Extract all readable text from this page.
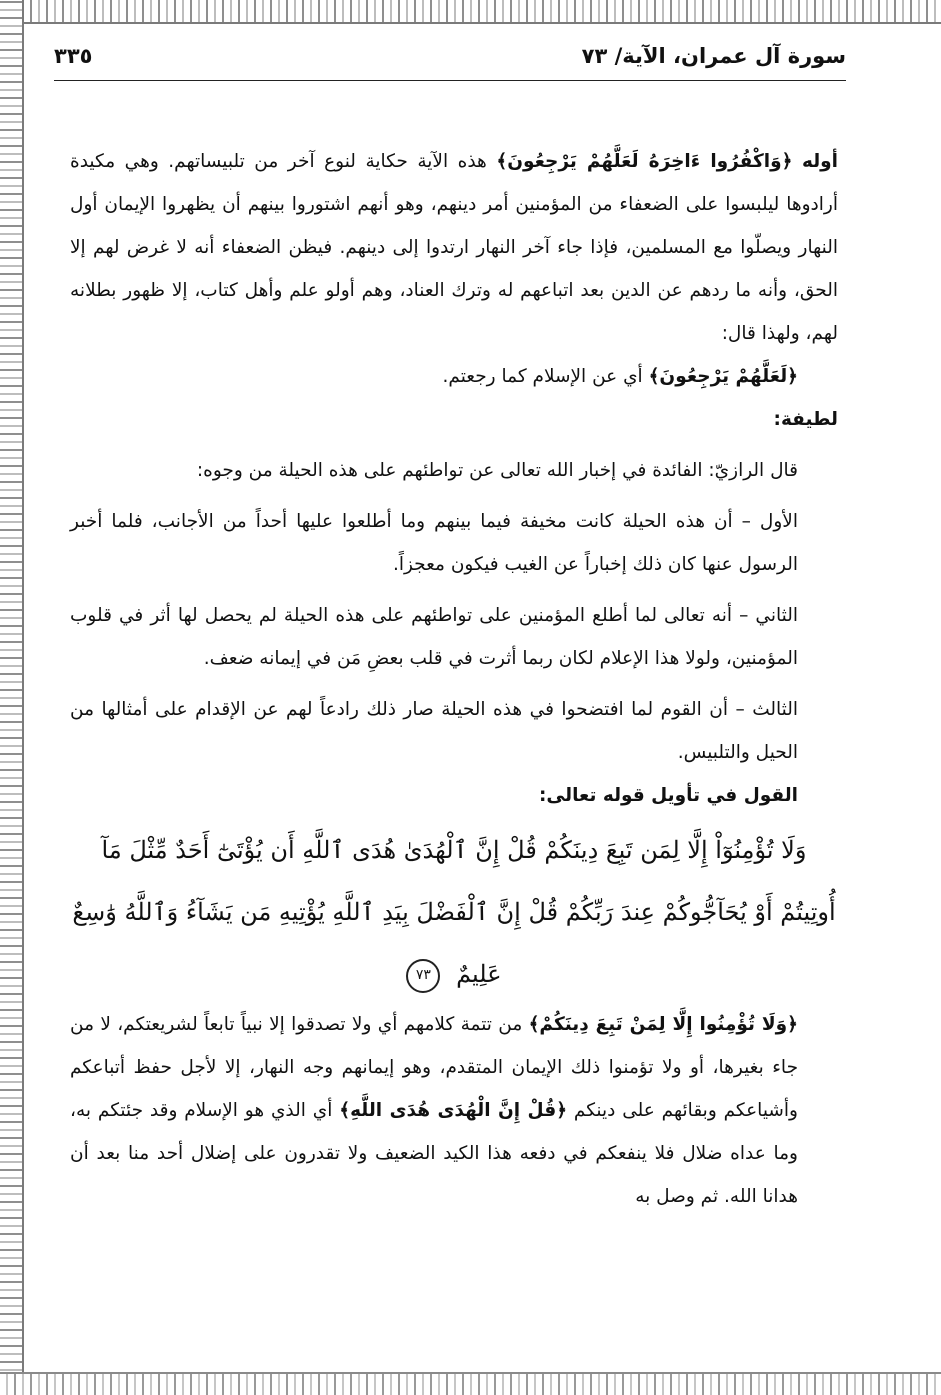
سورة آل عمران، الآية/ ٧٣
٣٣٥

أوله ﴿وَاكْفُرُوا ءَاخِرَهُ لَعَلَّهُمْ يَرْجِعُونَ﴾ هذه الآية حكاية لنوع آخر من تلبيساتهم. وهي مكيدة أرادوها ليلبسوا على الضعفاء من المؤمنين أمر دينهم، وهو أنهم اشتوروا بينهم أن يظهروا الإيمان أول النهار ويصلّوا مع المسلمين، فإذا جاء آخر النهار ارتدوا إلى دينهم. فيظن الضعفاء أنه لا غرض لهم إلا الحق، وأنه ما ردهم عن الدين بعد اتباعهم له وترك العناد، وهم أولو علم وأهل كتاب، إلا ظهور بطلانه لهم، ولهذا قال:

﴿لَعَلَّهُمْ يَرْجِعُونَ﴾ أي عن الإسلام كما رجعتم.

لطيفة:

قال الرازيّ: الفائدة في إخبار الله تعالى عن تواطئهم على هذه الحيلة من وجوه:

الأول – أن هذه الحيلة كانت مخيفة فيما بينهم وما أطلعوا عليها أحداً من الأجانب، فلما أخبر الرسول عنها كان ذلك إخباراً عن الغيب فيكون معجزاً.

الثاني – أنه تعالى لما أطلع المؤمنين على تواطئهم على هذه الحيلة لم يحصل لها أثر في قلوب المؤمنين، ولولا هذا الإعلام لكان ربما أثرت في قلب بعضِ مَن في إيمانه ضعف.

الثالث – أن القوم لما افتضحوا في هذه الحيلة صار ذلك رادعاً لهم عن الإقدام على أمثالها من الحيل والتلبيس.

القول في تأويل قوله تعالى:

وَلَا تُؤْمِنُوٓاْ إِلَّا لِمَن تَبِعَ دِينَكُمْ قُلْ إِنَّ ٱلْهُدَىٰ هُدَى ٱللَّهِ أَن يُؤْتَىٰٓ أَحَدٌ مِّثْلَ مَآ

أُوتِيتُمْ أَوْ يُحَآجُّوكُمْ عِندَ رَبِّكُمْ قُلْ إِنَّ ٱلْفَضْلَ بِيَدِ ٱللَّهِ يُؤْتِيهِ مَن يَشَآءُ وَٱللَّهُ وَٰسِعٌ

عَلِيمٌ ٧٣

﴿وَلَا تُؤْمِنُوا إِلَّا لِمَنْ تَبِعَ دِينَكُمْ﴾ من تتمة كلامهم أي ولا تصدقوا إلا نبياً تابعاً لشريعتكم، لا من جاء بغيرها، أو ولا تؤمنوا ذلك الإيمان المتقدم، وهو إيمانهم وجه النهار، إلا لأجل حفظ أتباعكم وأشياعكم وبقائهم على دينكم ﴿قُلْ إِنَّ الْهُدَى هُدَى اللَّهِ﴾ أي الذي هو الإسلام وقد جئتكم به، وما عداه ضلال فلا ينفعكم في دفعه هذا الكيد الضعيف ولا تقدرون على إضلال أحد منا بعد أن هدانا الله. ثم وصل به
